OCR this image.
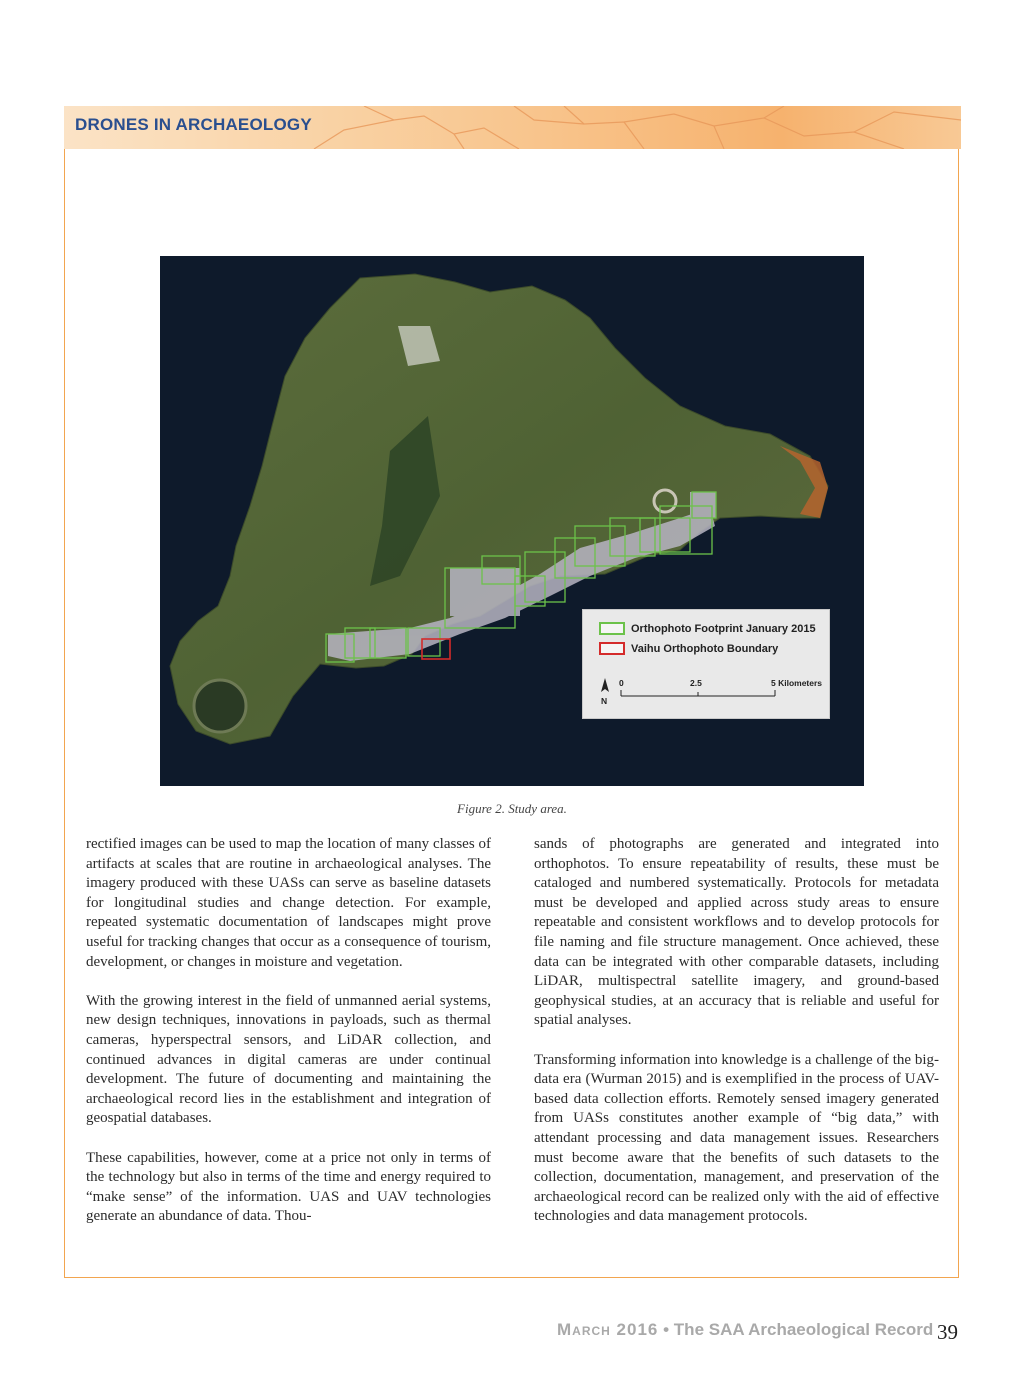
DRONES IN ARCHAEOLOGY
Orthophoto Footprint January 2015
Vaihu Orthophoto Boundary
N
0	2.5	5 Kilometers
Figure 2. Study area.

rectified images can be used to map the location of many classes of artifacts at scales that are routine in archaeological analyses. The imagery produced with these UASs can serve as baseline datasets for longitudinal studies and change detection. For example, repeated systematic documentation of landscapes might prove useful for tracking changes that occur as a consequence of tourism, development, or changes in moisture and vegetation.

With the growing interest in the field of unmanned aerial systems, new design techniques, innovations in payloads, such as thermal cameras, hyperspectral sensors, and LiDAR collection, and continued advances in digital cameras are under continual development. The future of documenting and maintaining the archaeological record lies in the establishment and integration of geospatial databases.

These capabilities, however, come at a price not only in terms of the technology but also in terms of the time and energy required to “make sense” of the information. UAS and UAV technologies generate an abundance of data. Thou-

sands of photographs are generated and integrated into orthophotos. To ensure repeatability of results, these must be cataloged and numbered systematically. Protocols for metadata must be developed and applied across study areas to ensure repeatable and consistent workflows and to develop protocols for file naming and file structure management. Once achieved, these data can be integrated with other comparable datasets, including LiDAR, multispectral satellite imagery, and ground-based geophysical studies, at an accuracy that is reliable and useful for spatial analyses.

Transforming information into knowledge is a challenge of the big-data era (Wurman 2015) and is exemplified in the process of UAV-based data collection efforts. Remotely sensed imagery generated from UASs constitutes another example of “big data,” with attendant processing and data management issues. Researchers must become aware that the benefits of such datasets to the collection, documentation, management, and preservation of the archaeological record can be realized only with the aid of effective technologies and data management protocols.

March 2016 • The SAA Archaeological Record 39
